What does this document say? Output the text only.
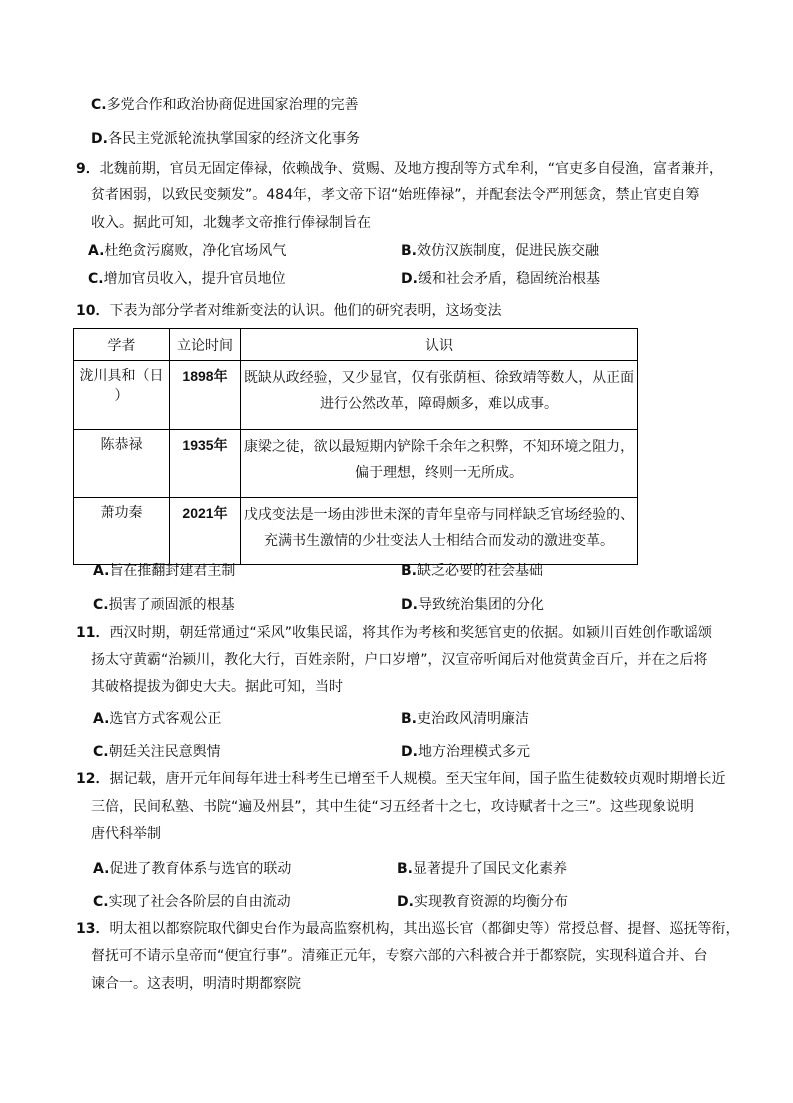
C.多党合作和政治协商促进国家治理的完善
D.各民主党派轮流执掌国家的经济文化事务
9．北魏前期，官员无固定俸禄，依赖战争、赏赐、及地方搜刮等方式牟利，“官吏多自侵渔，富者兼并，
贫者困弱，以致民变频发”。484年，孝文帝下诏“始班俸禄”，并配套法令严刑惩贪，禁止官吏自筹
收入。据此可知，北魏孝文帝推行俸禄制旨在
A.杜绝贪污腐败，净化官场风气	B.效仿汉族制度，促进民族交融
C.增加官员收入，提升官员地位	D.缓和社会矛盾，稳固统治根基
10．下表为部分学者对维新变法的认识。他们的研究表明，这场变法
学者	立论时间	认识
泷川具和（日
）	1898年	既缺从政经验，又少显官，仅有张荫桓、徐致靖等数人，从正面
进行公然改革，障碍颇多，难以成事。
陈恭禄	1935年	康梁之徒，欲以最短期内铲除千余年之积弊，不知环境之阻力，
偏于理想，终则一无所成。
萧功秦	2021年	戊戌变法是一场由涉世未深的青年皇帝与同样缺乏官场经验的、
充满书生激情的少壮变法人士相结合而发动的激进变革。
A.旨在推翻封建君主制	B.缺乏必要的社会基础
C.损害了顽固派的根基	D.导致统治集团的分化
11．西汉时期，朝廷常通过“采风”收集民谣，将其作为考核和奖惩官吏的依据。如颍川百姓创作歌谣颂
扬太守黄霸“治颍川，教化大行，百姓亲附，户口岁增”，汉宣帝听闻后对他赏黄金百斤，并在之后将
其破格提拔为御史大夫。据此可知，当时
A.选官方式客观公正	B.吏治政风清明廉洁
C.朝廷关注民意舆情	D.地方治理模式多元
12．据记载，唐开元年间每年进士科考生已增至千人规模。至天宝年间，国子监生徒数较贞观时期增长近
三倍，民间私塾、书院“遍及州县”，其中生徒“习五经者十之七，攻诗赋者十之三”。这些现象说明
唐代科举制
A.促进了教育体系与选官的联动	B.显著提升了国民文化素养
C.实现了社会各阶层的自由流动	D.实现教育资源的均衡分布
13．明太祖以都察院取代御史台作为最高监察机构，其出巡长官（都御史等）常授总督、提督、巡抚等衔，
督抚可不请示皇帝而“便宜行事”。清雍正元年，专察六部的六科被合并于都察院，实现科道合并、台
谏合一。这表明，明清时期都察院
